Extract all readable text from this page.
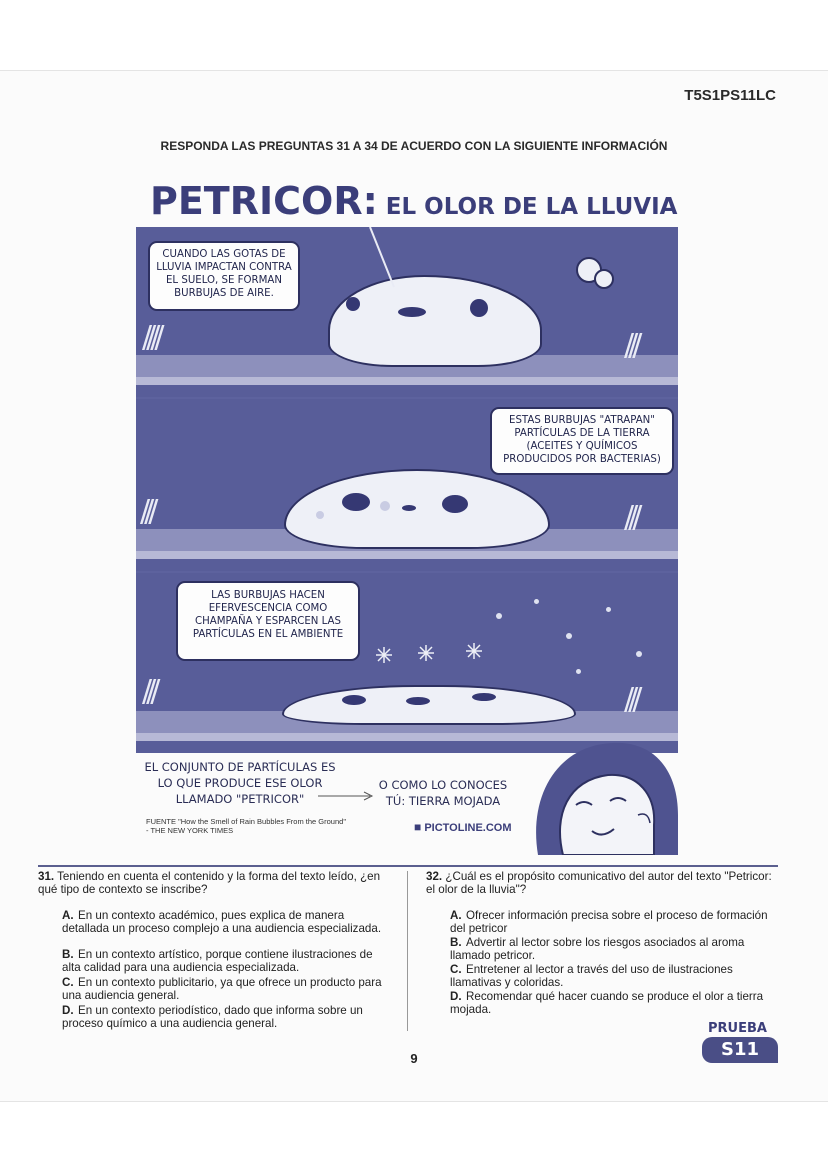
T5S1PS11LC
RESPONDA LAS PREGUNTAS 31 A 34 DE ACUERDO CON LA SIGUIENTE INFORMACIÓN
PETRICOR: EL OLOR DE LA LLUVIA
////	///
CUANDO LAS GOTAS DE LLUVIA IMPACTAN CONTRA EL SUELO, SE FORMAN BURBUJAS DE AIRE.
///	///
ESTAS BURBUJAS "ATRAPAN" PARTÍCULAS DE LA TIERRA (ACEITES Y QUÍMICOS PRODUCIDOS POR BACTERIAS)
///	///
LAS BURBUJAS HACEN EFERVESCENCIA COMO CHAMPAÑA Y ESPARCEN LAS PARTÍCULAS EN EL AMBIENTE
EL CONJUNTO DE PARTÍCULAS ES LO QUE PRODUCE ESE OLOR LLAMADO "PETRICOR"
O COMO LO CONOCES TÚ: TIERRA MOJADA
FUENTE "How the Smell of Rain Bubbles From the Ground" - THE NEW YORK TIMES	■ PICTOLINE.COM
31. Teniendo en cuenta el contenido y la forma del texto leído, ¿en qué tipo de contexto se inscribe?
A. En un contexto académico, pues explica de manera detallada un proceso complejo a una audiencia especializada.
B. En un contexto artístico, porque contiene ilustraciones de alta calidad para una audiencia especializada.
C. En un contexto publicitario, ya que ofrece un producto para una audiencia general.
D. En un contexto periodístico, dado que informa sobre un proceso químico a una audiencia general.
32. ¿Cuál es el propósito comunicativo del autor del texto "Petricor: el olor de la lluvia"?
A. Ofrecer información precisa sobre el proceso de formación del petricor
B. Advertir al lector sobre los riesgos asociados al aroma llamado petricor.
C. Entretener al lector a través del uso de ilustraciones llamativas y coloridas.
D. Recomendar qué hacer cuando se produce el olor a tierra mojada.
PRUEBA
S11
9
